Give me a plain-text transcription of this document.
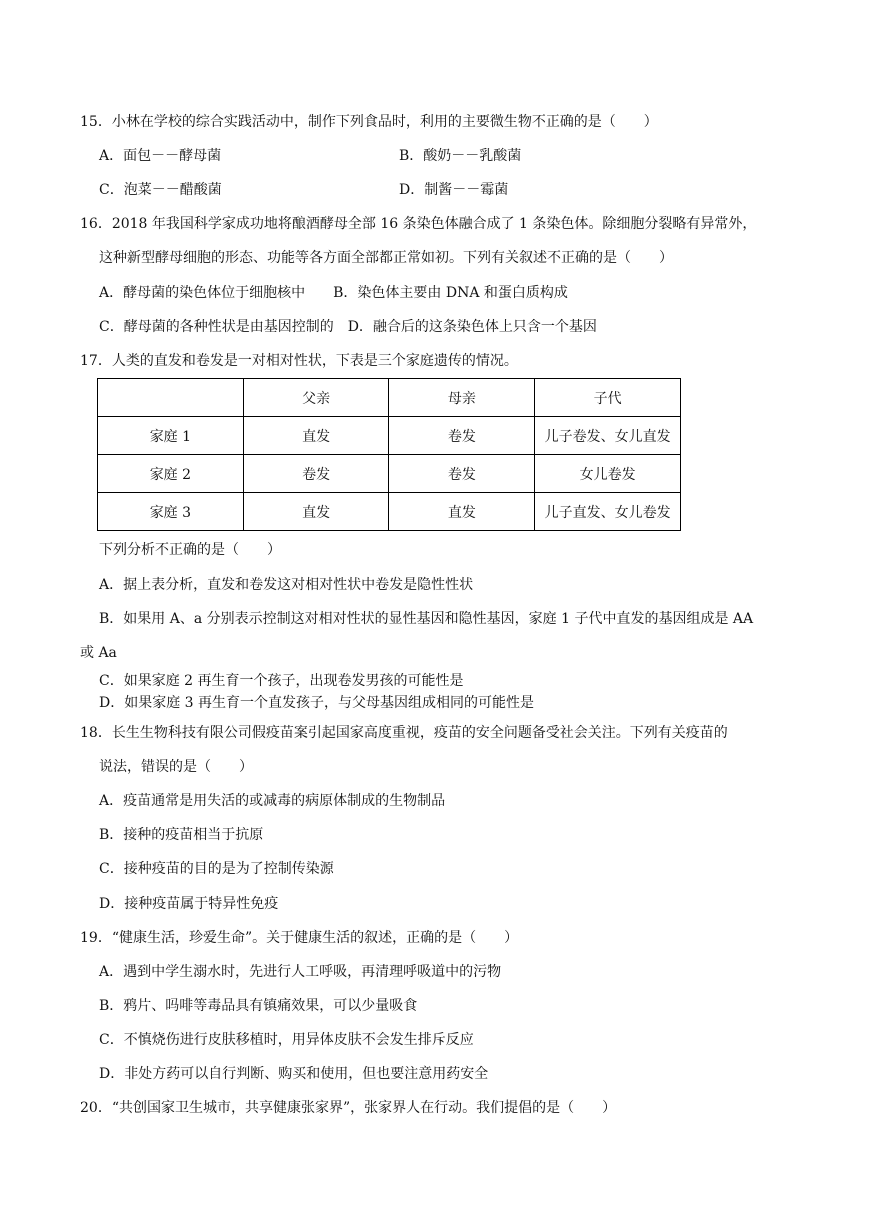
15．小林在学校的综合实践活动中，制作下列食品时，利用的主要微生物不正确的是（　　）
A．面包－－酵母菌	B．酸奶－－乳酸菌
C．泡菜－－醋酸菌	D．制酱－－霉菌
16．2018 年我国科学家成功地将酿酒酵母全部 16 条染色体融合成了 1 条染色体。除细胞分裂略有异常外，
这种新型酵母细胞的形态、功能等各方面全部都正常如初。下列有关叙述不正确的是（　　）
A．酵母菌的染色体位于细胞核中　　B．染色体主要由 DNA 和蛋白质构成
C．酵母菌的各种性状是由基因控制的　D．融合后的这条染色体上只含一个基因
17．人类的直发和卷发是一对相对性状，下表是三个家庭遗传的情况。
	父亲	母亲	子代
家庭 1	直发	卷发	儿子卷发、女儿直发
家庭 2	卷发	卷发	女儿卷发
家庭 3	直发	直发	儿子直发、女儿卷发
下列分析不正确的是（　　）
A．据上表分析，直发和卷发这对相对性状中卷发是隐性性状
B．如果用 A、a 分别表示控制这对相对性状的显性基因和隐性基因，家庭 1 子代中直发的基因组成是 AA
或 Aa
C．如果家庭 2 再生育一个孩子，出现卷发男孩的可能性是
D．如果家庭 3 再生育一个直发孩子，与父母基因组成相同的可能性是
18．长生生物科技有限公司假疫苗案引起国家高度重视，疫苗的安全问题备受社会关注。下列有关疫苗的
说法，错误的是（　　）
A．疫苗通常是用失活的或减毒的病原体制成的生物制品
B．接种的疫苗相当于抗原
C．接种疫苗的目的是为了控制传染源
D．接种疫苗属于特异性免疫
19．“健康生活，珍爱生命”。关于健康生活的叙述，正确的是（　　）
A．遇到中学生溺水时，先进行人工呼吸，再清理呼吸道中的污物
B．鸦片、吗啡等毒品具有镇痛效果，可以少量吸食
C．不慎烧伤进行皮肤移植时，用异体皮肤不会发生排斥反应
D．非处方药可以自行判断、购买和使用，但也要注意用药安全
20．“共创国家卫生城市，共享健康张家界”，张家界人在行动。我们提倡的是（　　）
